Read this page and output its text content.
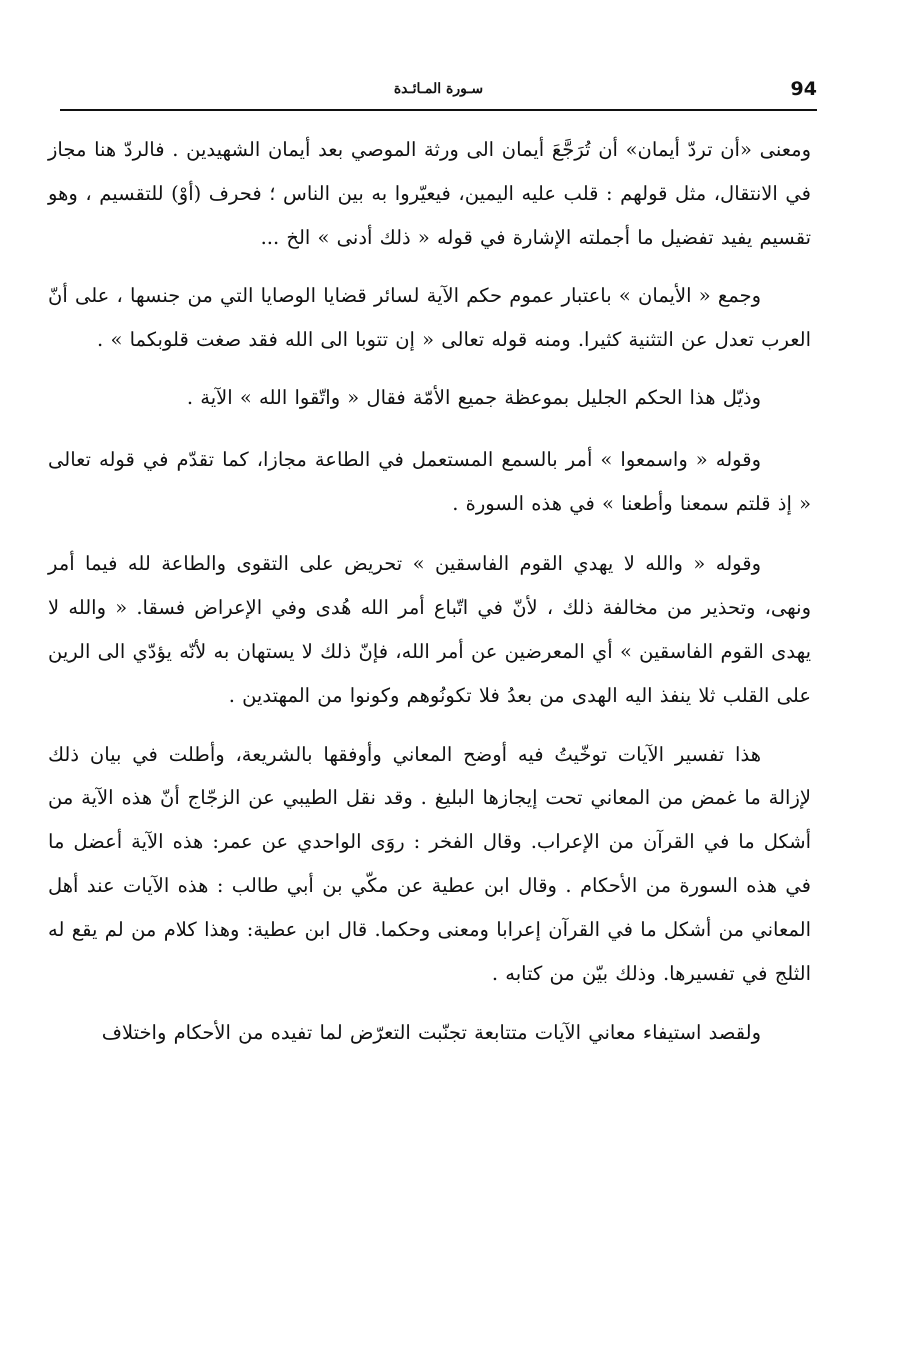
94
سـورة المـائـدة

ومعنى «أن تردّ أيمان» أن تُرَجَّعَ أيمان الى ورثة الموصي بعد أيمان الشهيدين . فالردّ هنا مجاز في الانتقال، مثل قولهم : قلب عليه اليمين، فيعيّروا به بين الناس ؛ فحرف (أوْ) للتقسيم ، وهو تقسيم يفيد تفضيل ما أجملته الإشارة في قوله « ذلك أدنى » الخ ...

وجمع « الأيمان » باعتبار عموم حكم الآية لسائر قضايا الوصايا التي من جنسها ، على أنّ العرب تعدل عن التثنية كثيرا. ومنه قوله تعالى « إن تتوبا الى الله فقد صغت قلوبكما » .

وذيّل هذا الحكم الجليل بموعظة جميع الأمّة فقال « واتّقوا الله » الآية .

وقوله « واسمعوا » أمر بالسمع المستعمل في الطاعة مجازا، كما تقدّم في قوله تعالى « إذ قلتم سمعنا وأطعنا » في هذه السورة .

وقوله « والله لا يهدي القوم الفاسقين » تحريض على التقوى والطاعة لله فيما أمر ونهى، وتحذير من مخالفة ذلك ، لأنّ في اتّباع أمر الله هُدى وفي الإعراض فسقا. « والله لا يهدى القوم الفاسقين » أي المعرضين عن أمر الله، فإنّ ذلك لا يستهان به لأنّه يؤدّي الى الرين على القلب ثلا ينفذ اليه الهدى من بعدُ فلا تكونُوهم وكونوا من المهتدين .

هذا تفسير الآيات توخّيتُ فيه أوضح المعاني وأوفقها بالشريعة، وأطلت في بيان ذلك لإزالة ما غمض من المعاني تحت إيجازها البليغ . وقد نقل الطيبي عن الزجّاج أنّ هذه الآية من أشكل ما في القرآن من الإعراب. وقال الفخر : روَى الواحدي عن عمر: هذه الآية أعضل ما في هذه السورة من الأحكام . وقال ابن عطية عن مكّي بن أبي طالب : هذه الآيات عند أهل المعاني من أشكل ما في القرآن إعرابا ومعنى وحكما. قال ابن عطية: وهذا كلام من لم يقع له الثلج في تفسيرها. وذلك بيّن من كتابه .

ولقصد استيفاء معاني الآيات متتابعة تجنّبت التعرّض لما تفيده من الأحكام واختلاف
